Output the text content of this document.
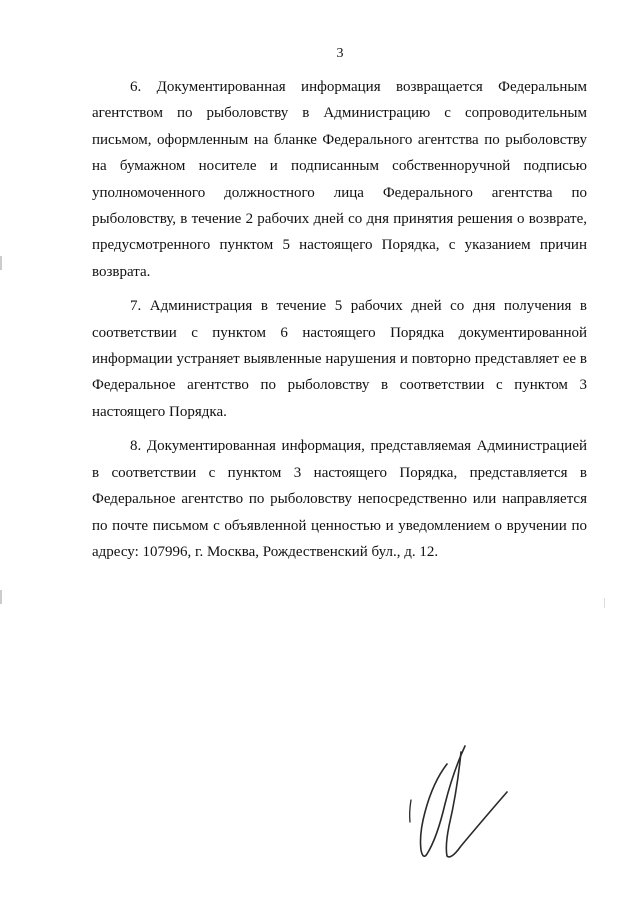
3

6. Документированная информация возвращается Федеральным агентством по рыболовству в Администрацию с сопроводительным письмом, оформленным на бланке Федерального агентства по рыболовству на бумажном носителе и подписанным собственноручной подписью уполномоченного должностного лица Федерального агентства по рыболовству, в течение 2 рабочих дней со дня принятия решения о возврате, предусмотренного пунктом 5 настоящего Порядка, с указанием причин возврата.

7. Администрация в течение 5 рабочих дней со дня получения в соответствии с пунктом 6 настоящего Порядка документированной информации устраняет выявленные нарушения и повторно представляет ее в Федеральное агентство по рыболовству в соответствии с пунктом 3 настоящего Порядка.

8. Документированная информация, представляемая Администрацией в соответствии с пунктом 3 настоящего Порядка, представляется в Федеральное агентство по рыболовству непосредственно или направляется по почте письмом с объявленной ценностью и уведомлением о вручении по адресу: 107996, г. Москва, Рождественский бул., д. 12.
